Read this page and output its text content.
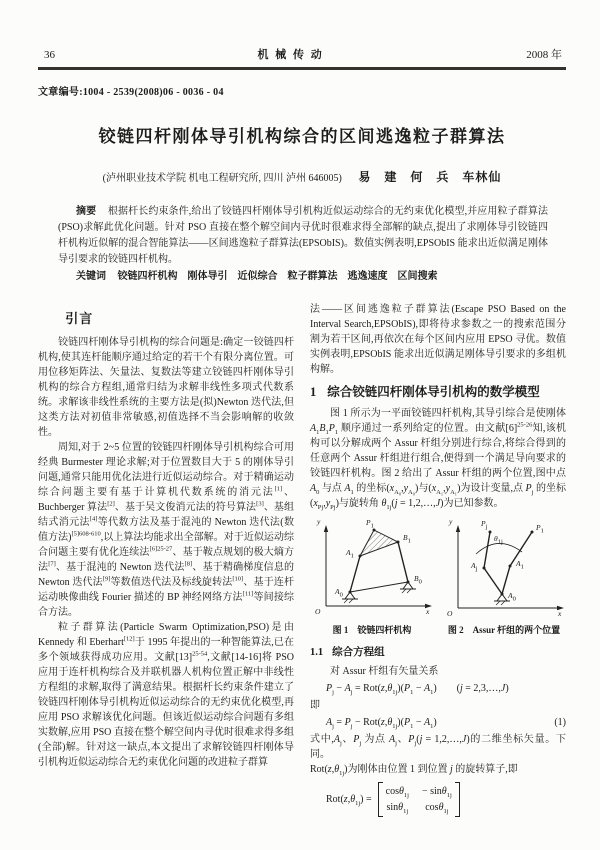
36	机 械 传 动	2008 年
文章编号:1004 - 2539(2008)06 - 0036 - 04
铰链四杆刚体导引机构综合的区间逃逸粒子群算法
(泸州职业技术学院 机电工程研究所, 四川 泸州 646005) 易　建　何　兵　车林仙
摘要 根据杆长约束条件,给出了铰链四杆刚体导引机构近似运动综合的无约束优化模型,并应用粒子群算法(PSO)求解此优化问题。针对 PSO 直接在整个解空间内寻优时很难求得全部解的缺点,提出了求刚体导引铰链四杆机构近似解的混合智能算法——区间逃逸粒子群算法(EPSObIS)。数值实例表明,EPSObIS 能求出近似满足刚体导引要求的铰链四杆机构。
关键词 铰链四杆机构　刚体导引　近似综合　粒子群算法　逃逸速度　区间搜索
引言

铰链四杆刚体导引机构的综合问题是:确定一铰链四杆机构,使其连杆能顺序通过给定的若干个有限分离位置。可用位移矩阵法、矢量法、复数法等建立铰链四杆刚体导引机构的综合方程组,通常归结为求解非线性多项式代数系统。求解该非线性系统的主要方法是(拟)Newton 迭代法,但这类方法对初值非常敏感,初值选择不当会影响解的收敛性。

周知,对于 2~5 位置的铰链四杆刚体导引机构综合可用经典 Burmester 理论求解;对于位置数目大于 5 的刚体导引问题,通常只能用优化法进行近似运动综合。对于精确运动综合问题主要有基于计算机代数系统的消元法[1]、Buchberger 算法[2]、基于吴文俊消元法的符号算法[3]、基组结式消元法[4]等代数方法及基于混沌的 Newton 迭代法(数值方法)$^{[5]608-610}$,以上算法均能求出全部解。对于近似运动综合问题主要有优化连续法$^{[6]25-27}$、基于鞍点规划的极大熵方法[7]、基于混沌的 Newton 迭代法[8]、基于精确梯度信息的 Newton 迭代法[9]等数值迭代法及标线旋转法[10]、基于连杆运动映像曲线 Fourier 描述的 BP 神经网络方法[11]等间接综合方法。

粒子群算法(Particle Swarm Optimization,PSO)是由 Kennedy 和 Eberhart[12]于 1995 年提出的一种智能算法,已在多个领域获得成功应用。文献$[13]^{25-54}$,文献[14-16]将 PSO 应用于连杆机构综合及并联机器人机构位置正解中非线性方程组的求解,取得了满意结果。根据杆长约束条件建立了铰链四杆刚体导引机构近似运动综合的无约束优化模型,再应用 PSO 求解该优化问题。但该近似运动综合问题有多组实数解,应用 PSO 直接在整个解空间内寻优时很难求得多组(全部)解。针对这一缺点,本文提出了求解铰链四杆刚体导引机构近似运动综合无约束优化问题的改进粒子群算

法——区间逃逸粒子群算法(Escape PSO Based on the Interval Search,EPSObIS),即将待求参数之一的搜索范围分割为若干区间,再依次在每个区间内应用 EPSO 寻优。数值实例表明,EPSObIS 能求出近似满足刚体导引要求的多组机构解。
1 综合铰链四杆刚体导引机构的数学模型

图 1 所示为一平面铰链四杆机构,其导引综合是使刚体 $A_1B_1P_1$ 顺序通过一系列给定的位置。由文献$[6]^{25-26}$知,该机构可以分解成两个 Assur 杆组分别进行综合,将综合得到的任意两个 Assur 杆组进行组合,便得到一个满足导向要求的铰链四杆机构。图 2 给出了 Assur 杆组的两个位置,图中点 $A_0$ 与点 $A_1$ 的坐标$(x_{A_0},y_{A_0})$与$(x_{A_1},y_{A_1})$为设计变量,点 $P_j$ 的坐标$(x_{Pj},y_{Pj})$与旋转角 $\theta_{1j}(j$ = 1,2,…,J)为已知参数。

y
x
O
$P_1$
$B_1$
$A_1$
$B_0$
$A_0$
图 1　铰链四杆机构
y
x
O
$P_j$
$\theta_{1j}$
$P_1$
$A_j$
$A_1$
$A_0$
图 2　Assur 杆组的两个位置
1.1 综合方程组
对 Assur 杆组有矢量关系
$P_j - A_j = Rot(z,\theta_{1j})(P_1 - A_1)$　　(j = 2,3,…,J)
即
$A_j = P_j - Rot(z,\theta_{1j})(P_1 - A_1)$	(1)
式中$,A_j$、$P_j$ 为点 $A_j$、$P_j(j$ = 1,2,…,J)的二维坐标矢量。下同。
$Rot(z,\theta_{1j})$为刚体由位置 1 到位置 j 的旋转算子,即
$Rot(z,\theta_{1j})$ =
cosθ$_{1j}$ − sinθ$_{1j}$
sinθ$_{1j}$	cosθ$_{1j}$
